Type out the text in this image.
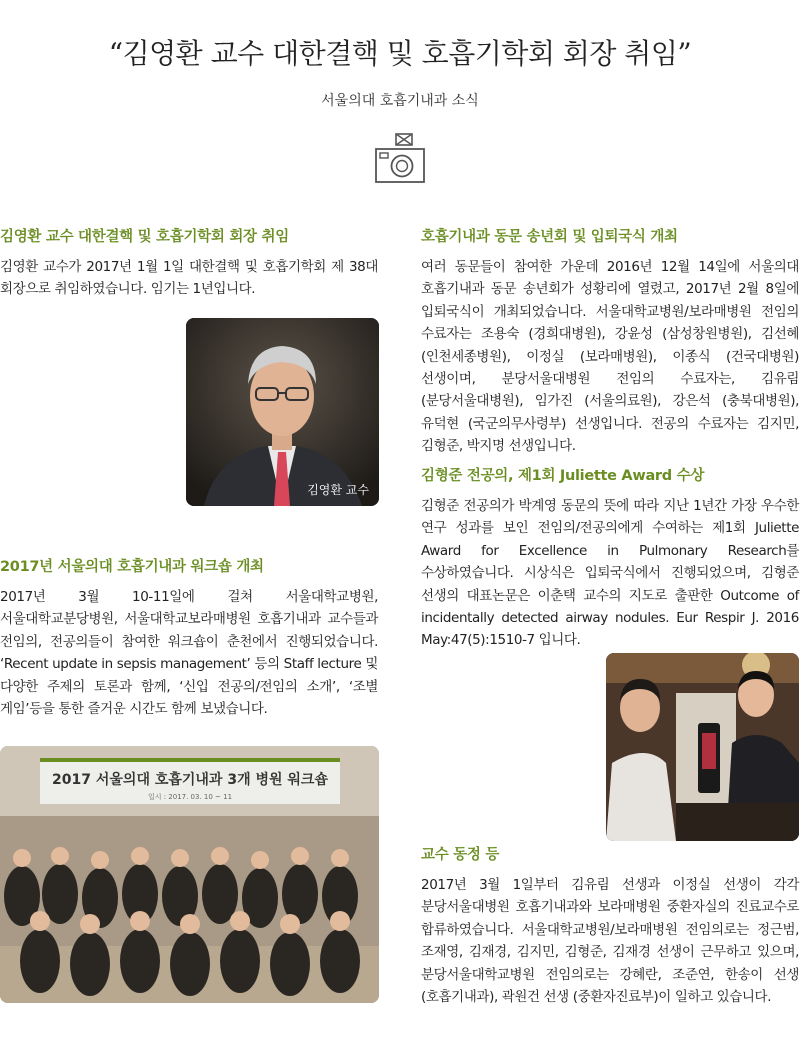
“김영환 교수 대한결핵 및 호흡기학회 회장 취임”
서울의대 호흡기내과 소식
김영환 교수 대한결핵 및 호흡기학회 회장 취임

김영환 교수가 2017년 1월 1일 대한결핵 및 호흡기학회 제 38대 회장으로 취임하였습니다. 임기는 1년입니다.

김영환 교수
2017년 서울의대 호흡기내과 워크숍 개최

2017년 3월 10-11일에 걸쳐 서울대학교병원, 서울대학교분당병원, 서울대학교보라매병원 호흡기내과 교수들과 전임의, 전공의들이 참여한 워크숍이 춘천에서 진행되었습니다. ‘Recent update in sepsis management’ 등의 Staff lecture 및 다양한 주제의 토론과 함께, ‘신입 전공의/전임의 소개’, ‘조별 게임’등을 통한 즐거운 시간도 함께 보냈습니다.

2017 서울의대 호흡기내과 3개 병원 워크숍
일시 : 2017. 03. 10 ~ 11
호흡기내과 동문 송년회 및 입퇴국식 개최

여러 동문들이 참여한 가운데 2016년 12월 14일에 서울의대 호흡기내과 동문 송년회가 성황리에 열렸고, 2017년 2월 8일에 입퇴국식이 개최되었습니다. 서울대학교병원/보라매병원 전임의 수료자는 조용숙 (경희대병원), 강윤성 (삼성창원병원), 김선혜 (인천세종병원), 이정실 (보라매병원), 이종식 (건국대병원) 선생이며, 분당서울대병원 전임의 수료자는, 김유림 (분당서울대병원), 임가진 (서울의료원), 강은석 (충북대병원), 유덕현 (국군의무사령부) 선생입니다. 전공의 수료자는 김지민, 김형준, 박지명 선생입니다.

김형준 전공의, 제1회 Juliette Award 수상

김형준 전공의가 박계영 동문의 뜻에 따라 지난 1년간 가장 우수한 연구 성과를 보인 전임의/전공의에게 수여하는 제1회 Juliette Award for Excellence in Pulmonary Research를 수상하였습니다. 시상식은 입퇴국식에서 진행되었으며, 김형준 선생의 대표논문은 이춘택 교수의 지도로 출판한 Outcome of incidentally detected airway nodules. Eur Respir J. 2016 May:47(5):1510-7 입니다.

교수 동정 등

2017년 3월 1일부터 김유림 선생과 이정실 선생이 각각 분당서울대병원 호흡기내과와 보라매병원 중환자실의 진료교수로 합류하였습니다. 서울대학교병원/보라매병원 전임의로는 정근범, 조재영, 김재경, 김지민, 김형준, 김재경 선생이 근무하고 있으며, 분당서울대학교병원 전임의로는 강혜란, 조준연, 한송이 선생 (호흡기내과), 곽원건 선생 (중환자진료부)이 일하고 있습니다.
